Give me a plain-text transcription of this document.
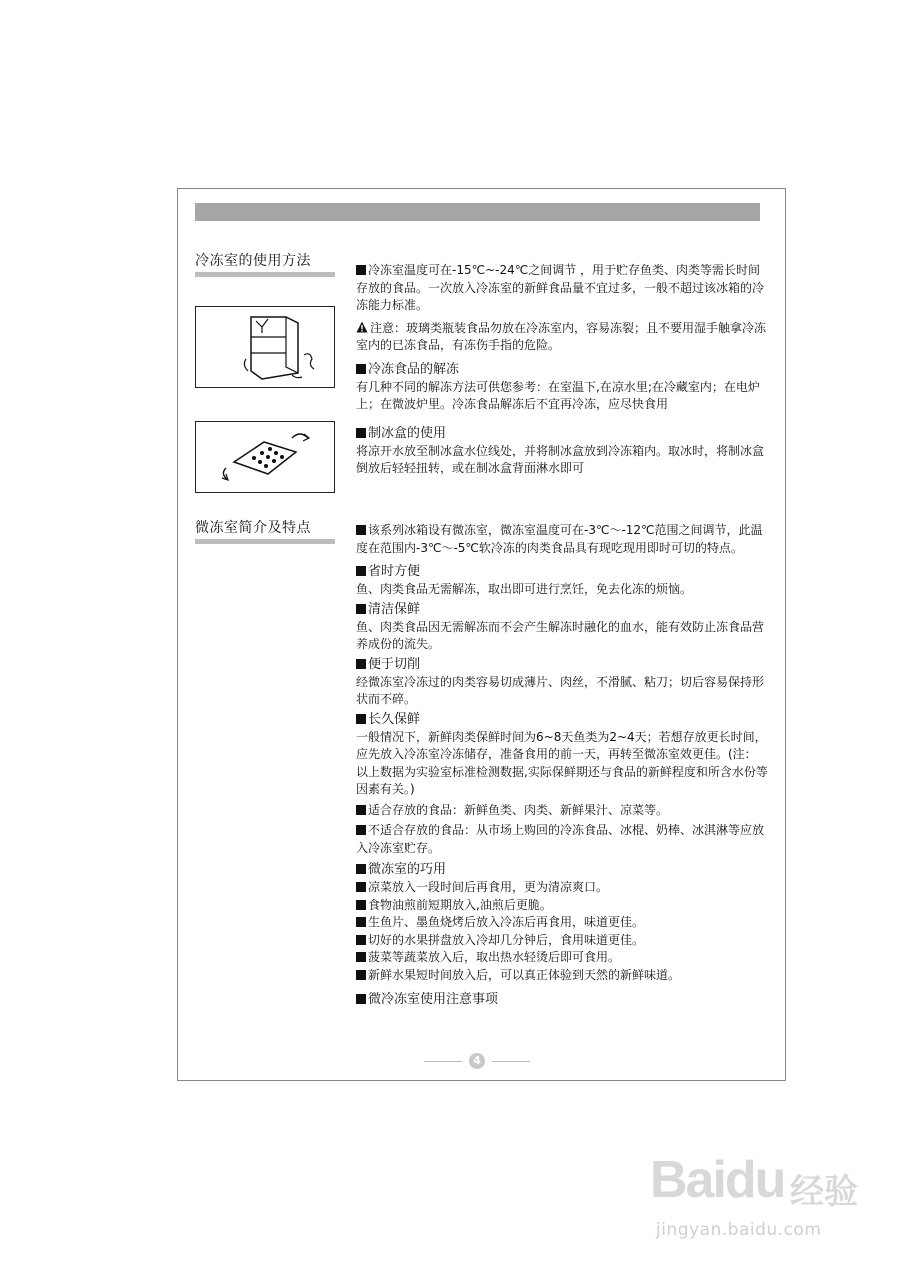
冷冻室的使用方法

冷冻室温度可在-15℃~-24℃之间调节 ，用于贮存鱼类、肉类等需长时间存放的食品。一次放入冷冻室的新鲜食品量不宜过多，一般不超过该冰箱的冷冻能力标准。

注意：玻璃类瓶装食品勿放在冷冻室内，容易冻裂；且不要用湿手触拿冷冻室内的已冻食品，有冻伤手指的危险。

冷冻食品的解冻

有几种不同的解冻方法可供您参考：在室温下,在凉水里;在冷藏室内；在电炉上；在微波炉里。冷冻食品解冻后不宜再冷冻，应尽快食用

制冰盒的使用

将凉开水放至制冰盒水位线处，并将制冰盒放到冷冻箱内。取冰时，将制冰盒倒放后轻轻扭转，或在制冰盒背面淋水即可

微冻室简介及特点	该系列冰箱设有微冻室，微冻室温度可在-3℃～-12℃范围之间调节，此温度在范围内-3℃～-5℃软冷冻的肉类食品具有现吃现用即时可切的特点。

省时方便

鱼、肉类食品无需解冻，取出即可进行烹饪，免去化冻的烦恼。

清洁保鲜

鱼、肉类食品因无需解冻而不会产生解冻时融化的血水，能有效防止冻食品营养成份的流失。

便于切削

经微冻室冷冻过的肉类容易切成薄片、肉丝，不滑腻、粘刀；切后容易保持形状而不碎。

长久保鲜

一般情况下，新鲜肉类保鲜时间为6~8天鱼类为2~4天；若想存放更长时间，应先放入冷冻室冷冻储存，准备食用的前一天，再转至微冻室效更佳。(注：以上数据为实验室标准检测数据,实际保鲜期还与食品的新鲜程度和所含水份等因素有关。)

适合存放的食品：新鲜鱼类、肉类、新鲜果汁、凉菜等。

不适合存放的食品：从市场上购回的冷冻食品、冰棍、奶棒、冰淇淋等应放入冷冻室贮存。

微冻室的巧用

凉菜放入一段时间后再食用，更为清凉爽口。

食物油煎前短期放入,油煎后更脆。

生鱼片、墨鱼烧烤后放入冷冻后再食用，味道更佳。

切好的水果拼盘放入冷却几分钟后，食用味道更佳。

菠菜等蔬菜放入后，取出热水轻烫后即可食用。

新鲜水果短时间放入后，可以真正体验到天然的新鲜味道。

微冷冻室使用注意事项

4
Baidu 经验
jingyan.baidu.com
